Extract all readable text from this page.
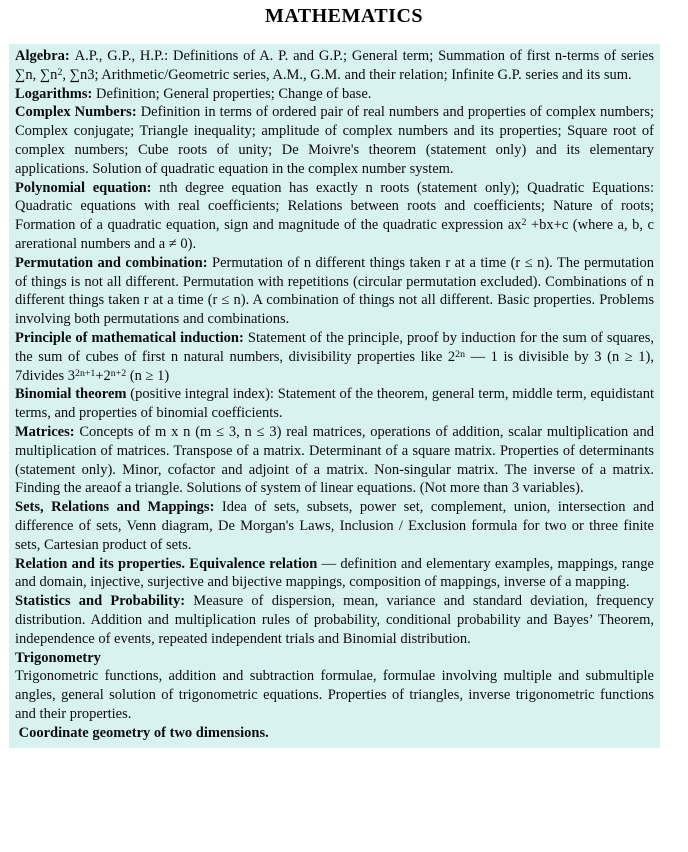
MATHEMATICS

Algebra: A.P., G.P., H.P.: Definitions of A. P. and G.P.; General term; Summation of first n-terms of series ∑n, $\sum n^2$, ∑n3; Arithmetic/Geometric series, A.M., G.M. and their relation; Infinite G.P. series and its sum.

Logarithms: Definition; General properties; Change of base.

Complex Numbers: Definition in terms of ordered pair of real numbers and properties of complex numbers; Complex conjugate; Triangle inequality; amplitude of complex numbers and its properties; Square root of complex numbers; Cube roots of unity; De Moivre's theorem (statement only) and its elementary applications. Solution of quadratic equation in the complex number system.

Polynomial equation: nth degree equation has exactly n roots (statement only); Quadratic Equations: Quadratic equations with real coefficients; Relations between roots and coefficients; Nature of roots; Formation of a quadratic equation, sign and magnitude of the quadratic expression $ax^2 +bx+c$ (where a, b, c arerational numbers and a ≠ 0).

Permutation and combination: Permutation of n different things taken r at a time (r ≤ n). The permutation of things is not all different. Permutation with repetitions (circular permutation excluded). Combinations of n different things taken r at a time (r ≤ n). A combination of things not all different. Basic properties. Problems involving both permutations and combinations.

Principle of mathematical induction: Statement of the principle, proof by induction for the sum of squares, the sum of cubes of first n natural numbers, divisibility properties like $2^{2n}$ — 1 is divisible by 3 (n ≥ 1), 7divides $3^{2n+1}+2^{n+2}$ (n ≥ 1)

Binomial theorem (positive integral index): Statement of the theorem, general term, middle term, equidistant terms, and properties of binomial coefficients.

Matrices: Concepts of m x n (m ≤ 3, n ≤ 3) real matrices, operations of addition, scalar multiplication and multiplication of matrices. Transpose of a matrix. Determinant of a square matrix. Properties of determinants (statement only). Minor, cofactor and adjoint of a matrix. Non-singular matrix. The inverse of a matrix. Finding the areaof a triangle. Solutions of system of linear equations. (Not more than 3 variables).

Sets, Relations and Mappings: Idea of sets, subsets, power set, complement, union, intersection and difference of sets, Venn diagram, De Morgan's Laws, Inclusion / Exclusion formula for two or three finite sets, Cartesian product of sets.

Relation and its properties. Equivalence relation — definition and elementary examples, mappings, range and domain, injective, surjective and bijective mappings, composition of mappings, inverse of a mapping.

Statistics and Probability: Measure of dispersion, mean, variance and standard deviation, frequency distribution. Addition and multiplication rules of probability, conditional probability and Bayes’ Theorem, independence of events, repeated independent trials and Binomial distribution.

Trigonometry

Trigonometric functions, addition and subtraction formulae, formulae involving multiple and submultiple angles, general solution of trigonometric equations. Properties of triangles, inverse trigonometric functions and their properties.

Coordinate geometry of two dimensions.
